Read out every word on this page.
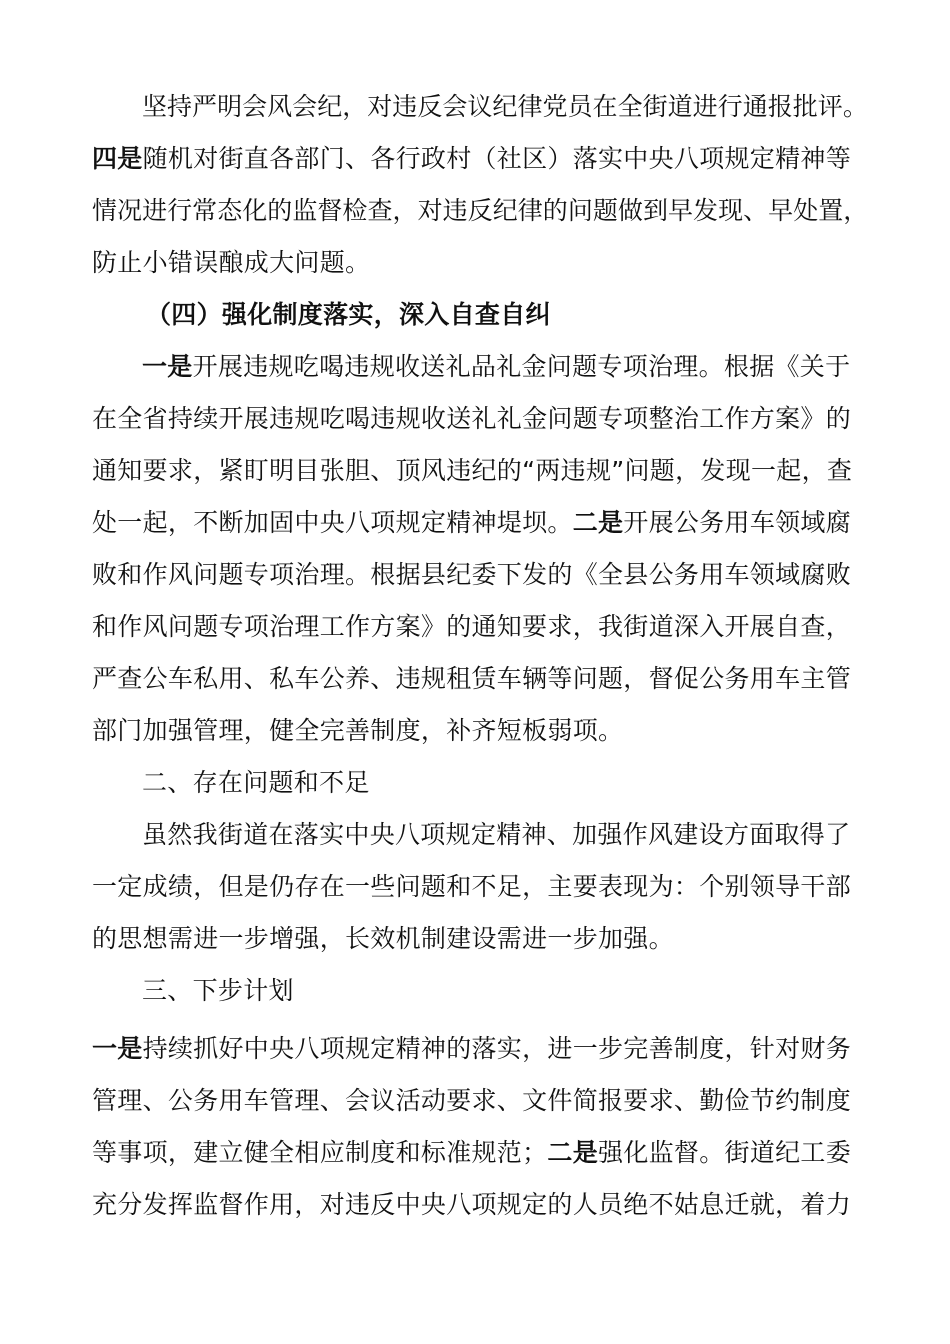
坚持严明会风会纪，对违反会议纪律党员在全街道进行通报批评。
四是随机对街直各部门、各行政村（社区）落实中央八项规定精神等
情况进行常态化的监督检查，对违反纪律的问题做到早发现、早处置，
防止小错误酿成大问题。
（四）强化制度落实，深入自查自纠
一是开展违规吃喝违规收送礼品礼金问题专项治理。根据《关于
在全省持续开展违规吃喝违规收送礼礼金问题专项整治工作方案》的
通知要求，紧盯明目张胆、顶风违纪的“两违规”问题，发现一起，查
处一起，不断加固中央八项规定精神堤坝。二是开展公务用车领域腐
败和作风问题专项治理。根据县纪委下发的《全县公务用车领域腐败
和作风问题专项治理工作方案》的通知要求，我街道深入开展自查，
严查公车私用、私车公养、违规租赁车辆等问题，督促公务用车主管
部门加强管理，健全完善制度，补齐短板弱项。
二、存在问题和不足
虽然我街道在落实中央八项规定精神、加强作风建设方面取得了
一定成绩，但是仍存在一些问题和不足，主要表现为：个别领导干部
的思想需进一步增强，长效机制建设需进一步加强。
三、下步计划
一是持续抓好中央八项规定精神的落实，进一步完善制度，针对财务
管理、公务用车管理、会议活动要求、文件简报要求、勤俭节约制度
等事项，建立健全相应制度和标准规范；二是强化监督。街道纪工委
充分发挥监督作用，对违反中央八项规定的人员绝不姑息迁就，着力
